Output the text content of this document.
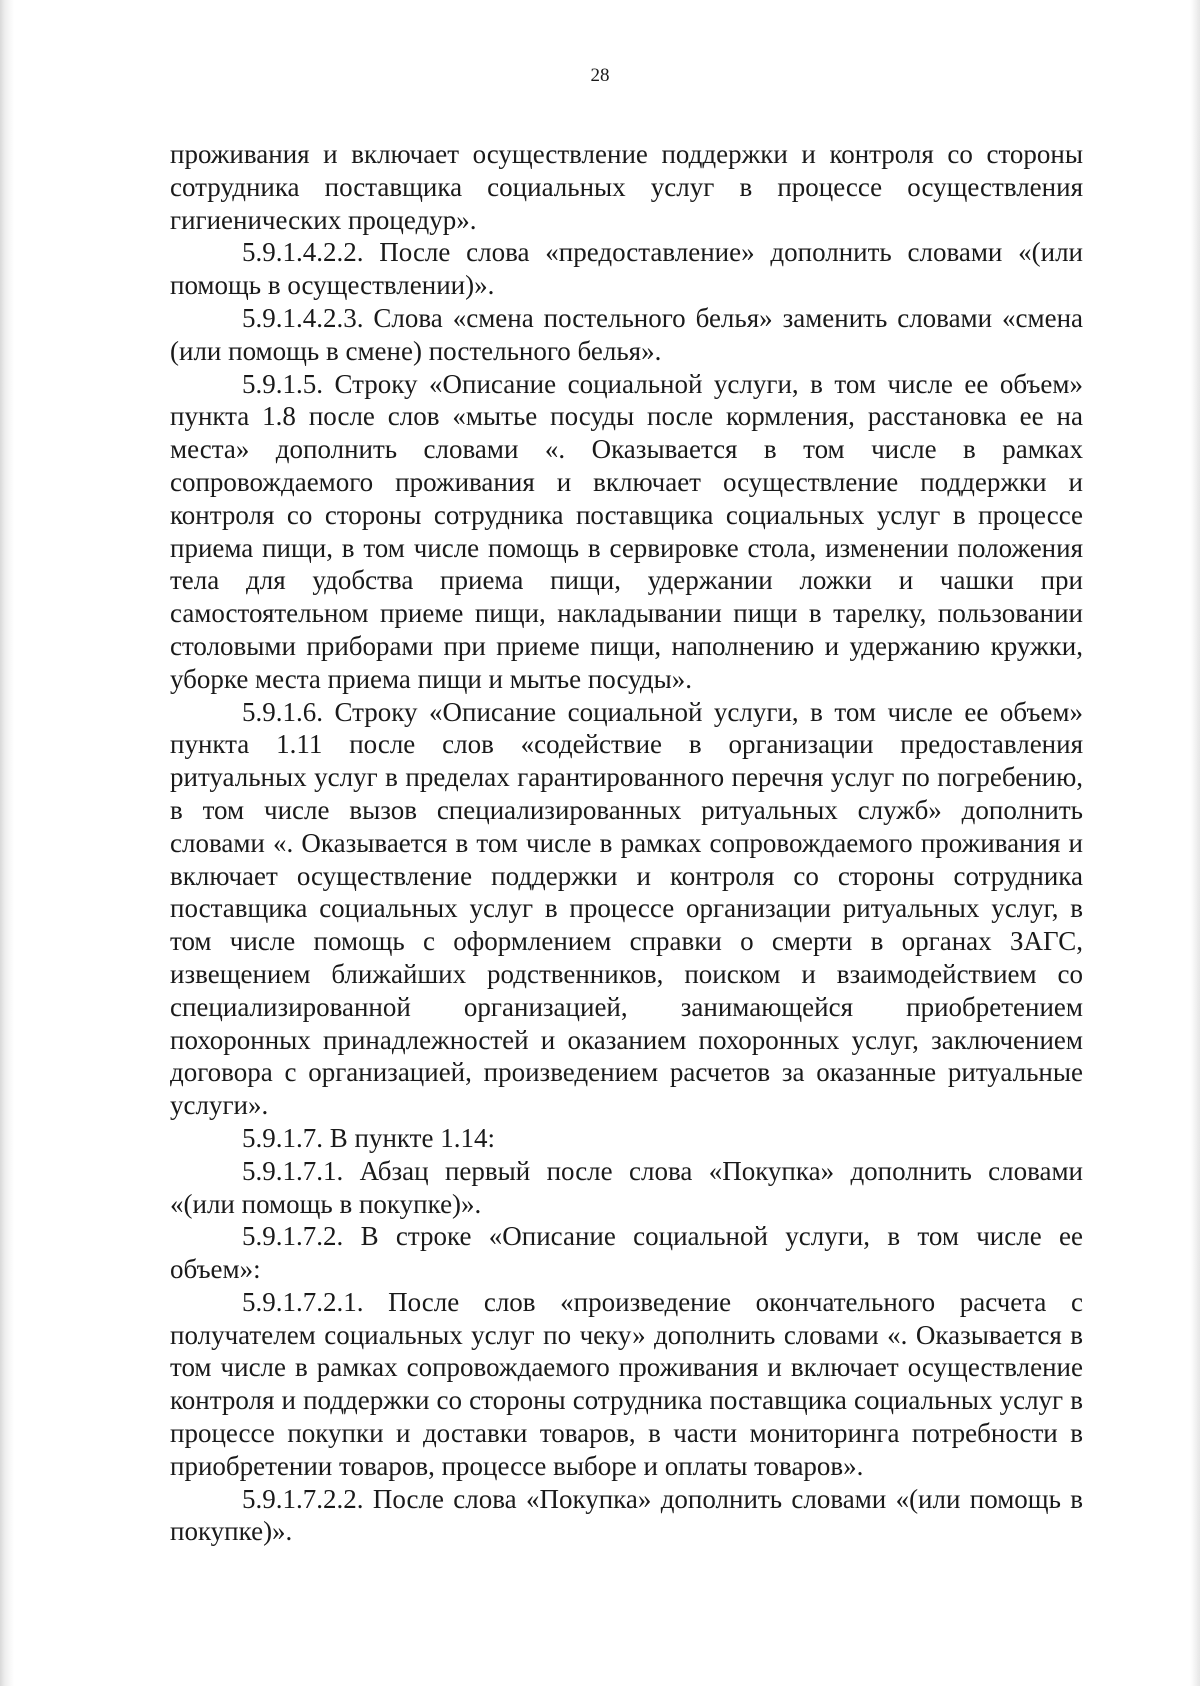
28

проживания и включает осуществление поддержки и контроля со стороны сотрудника поставщика социальных услуг в процессе осуществления гигиенических процедур».

5.9.1.4.2.2. После слова «предоставление» дополнить словами «(или помощь в осуществлении)».

5.9.1.4.2.3. Слова «смена постельного белья» заменить словами «смена (или помощь в смене) постельного белья».

5.9.1.5. Строку «Описание социальной услуги, в том числе ее объем» пункта 1.8 после слов «мытье посуды после кормления, расстановка ее на места» дополнить словами «. Оказывается в том числе в рамках сопровождаемого проживания и включает осуществление поддержки и контроля со стороны сотрудника поставщика социальных услуг в процессе приема пищи, в том числе помощь в сервировке стола, изменении положения тела для удобства приема пищи, удержании ложки и чашки при самостоятельном приеме пищи, накладывании пищи в тарелку, пользовании столовыми приборами при приеме пищи, наполнению и удержанию кружки, уборке места приема пищи и мытье посуды».

5.9.1.6. Строку «Описание социальной услуги, в том числе ее объем» пункта 1.11 после слов «содействие в организации предоставления ритуальных услуг в пределах гарантированного перечня услуг по погребению, в том числе вызов специализированных ритуальных служб» дополнить словами «. Оказывается в том числе в рамках сопровождаемого проживания и включает осуществление поддержки и контроля со стороны сотрудника поставщика социальных услуг в процессе организации ритуальных услуг, в том числе помощь с оформлением справки о смерти в органах ЗАГС, извещением ближайших родственников, поиском и взаимодействием со специализированной организацией, занимающейся приобретением похоронных принадлежностей и оказанием похоронных услуг, заключением договора с организацией, произведением расчетов за оказанные ритуальные услуги».

5.9.1.7. В пункте 1.14:

5.9.1.7.1. Абзац первый после слова «Покупка» дополнить словами «(или помощь в покупке)».

5.9.1.7.2. В строке «Описание социальной услуги, в том числе ее объем»:

5.9.1.7.2.1. После слов «произведение окончательного расчета с получателем социальных услуг по чеку» дополнить словами «. Оказывается в том числе в рамках сопровождаемого проживания и включает осуществление контроля и поддержки со стороны сотрудника поставщика социальных услуг в процессе покупки и доставки товаров, в части мониторинга потребности в приобретении товаров, процессе выборе и оплаты товаров».

5.9.1.7.2.2. После слова «Покупка» дополнить словами «(или помощь в покупке)».
